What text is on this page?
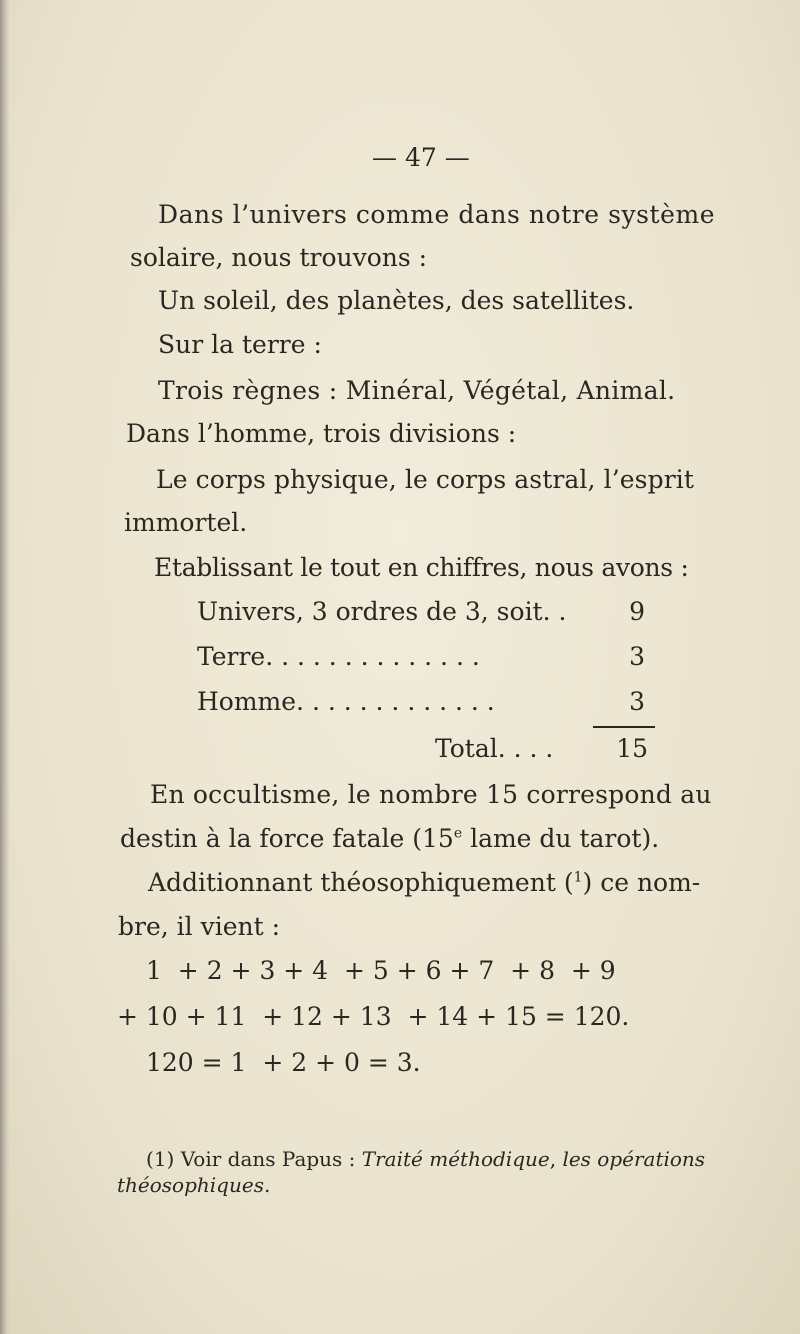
— 47 —
Dans l’univers comme dans notre système
solaire, nous trouvons :
Un soleil, des planètes, des satellites.
Sur la terre :
Trois règnes : Minéral, Végétal, Animal.
Dans l’homme, trois divisions :
Le corps physique, le corps astral, l’esprit
immortel.
Etablissant le tout en chiffres, nous avons :
Univers, 3 ordres de 3, soit. .	9
Terre. . . . . . . . . . . . . .	3
Homme. . . . . . . . . . . . .	3
Total. . . .	15
En occultisme, le nombre 15 correspond au
destin à la force fatale (15e lame du tarot).
Additionnant théosophiquement ($^1$) ce nom-
bre, il vient :
1  + 2 + 3 + 4  + 5 + 6 + 7  + 8  + 9
+ 10 + 11  + 12 + 13  + 14 + 15 = 120.
120 = 1  + 2 + 0 = 3.
(1) Voir dans Papus : Traité méthodique, les opérations
théosophiques.
